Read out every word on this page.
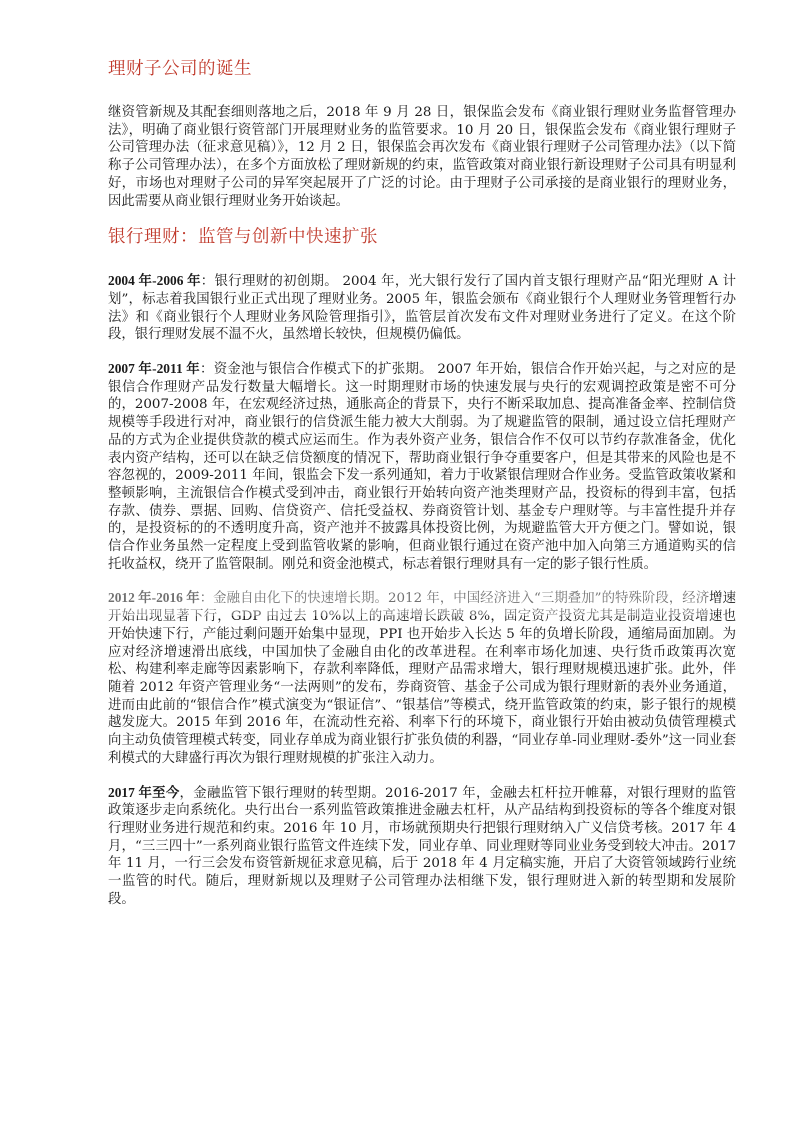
理财子公司的诞生

继资管新规及其配套细则落地之后，2018 年 9 月 28 日，银保监会发布《商业银行理财业务监督管理办法》，明确了商业银行资管部门开展理财业务的监管要求。10 月 20 日，银保监会发布《商业银行理财子公司管理办法（征求意见稿）》，12 月 2 日，银保监会再次发布《商业银行理财子公司管理办法》（以下简称子公司管理办法），在多个方面放松了理财新规的约束，监管政策对商业银行新设理财子公司具有明显利好，市场也对理财子公司的异军突起展开了广泛的讨论。由于理财子公司承接的是商业银行的理财业务，因此需要从商业银行理财业务开始谈起。

银行理财：监管与创新中快速扩张

2004 年-2006 年：银行理财的初创期。 2004 年，光大银行发行了国内首支银行理财产品“阳光理财 A 计划”，标志着我国银行业正式出现了理财业务。2005 年，银监会颁布《商业银行个人理财业务管理暂行办法》和《商业银行个人理财业务风险管理指引》，监管层首次发布文件对理财业务进行了定义。在这个阶段，银行理财发展不温不火，虽然增长较快，但规模仍偏低。

2007 年-2011 年：资金池与银信合作模式下的扩张期。 2007 年开始，银信合作开始兴起，与之对应的是银信合作理财产品发行数量大幅增长。这一时期理财市场的快速发展与央行的宏观调控政策是密不可分的，2007-2008 年，在宏观经济过热，通胀高企的背景下，央行不断采取加息、提高准备金率、控制信贷规模等手段进行对冲，商业银行的信贷派生能力被大大削弱。为了规避监管的限制，通过设立信托理财产品的方式为企业提供贷款的模式应运而生。作为表外资产业务，银信合作不仅可以节约存款准备金，优化表内资产结构，还可以在缺乏信贷额度的情况下，帮助商业银行争夺重要客户，但是其带来的风险也是不容忽视的，2009-2011 年间，银监会下发一系列通知，着力于收紧银信理财合作业务。受监管政策收紧和整顿影响，主流银信合作模式受到冲击，商业银行开始转向资产池类理财产品，投资标的得到丰富，包括存款、债券、票据、回购、信贷资产、信托受益权、券商资管计划、基金专户理财等。与丰富性提升并存的，是投资标的的不透明度升高，资产池并不披露具体投资比例，为规避监管大开方便之门。譬如说，银信合作业务虽然一定程度上受到监管收紧的影响，但商业银行通过在资产池中加入向第三方通道购买的信托收益权，绕开了监管限制。刚兑和资金池模式，标志着银行理财具有一定的影子银行性质。

2012 年-2016 年：金融自由化下的快速增长期。2012 年，中国经济进入“三期叠加”的特殊阶段，经济增速开始出现显著下行，GDP 由过去 10%以上的高速增长跌破 8%，固定资产投资尤其是制造业投资增速也开始快速下行，产能过剩问题开始集中显现，PPI 也开始步入长达 5 年的负增长阶段，通缩局面加剧。为应对经济增速滑出底线，中国加快了金融自由化的改革进程。在利率市场化加速、央行货币政策再次宽松、构建利率走廊等因素影响下，存款利率降低，理财产品需求增大，银行理财规模迅速扩张。此外，伴随着 2012 年资产管理业务“一法两则”的发布，券商资管、基金子公司成为银行理财新的表外业务通道，进而由此前的“银信合作”模式演变为“银证信”、“银基信”等模式，绕开监管政策的约束，影子银行的规模越发庞大。2015 年到 2016 年，在流动性充裕、利率下行的环境下，商业银行开始由被动负债管理模式向主动负债管理模式转变，同业存单成为商业银行扩张负债的利器，“同业存单-同业理财-委外”这一同业套利模式的大肆盛行再次为银行理财规模的扩张注入动力。

2017 年至今，金融监管下银行理财的转型期。2016-2017 年，金融去杠杆拉开帷幕，对银行理财的监管政策逐步走向系统化。央行出台一系列监管政策推进金融去杠杆，从产品结构到投资标的等各个维度对银行理财业务进行规范和约束。2016 年 10 月，市场就预期央行把银行理财纳入广义信贷考核。2017 年 4 月，“三三四十”一系列商业银行监管文件连续下发，同业存单、同业理财等同业业务受到较大冲击。2017 年 11 月，一行三会发布资管新规征求意见稿，后于 2018 年 4 月定稿实施，开启了大资管领域跨行业统一监管的时代。随后，理财新规以及理财子公司管理办法相继下发，银行理财进入新的转型期和发展阶段。
